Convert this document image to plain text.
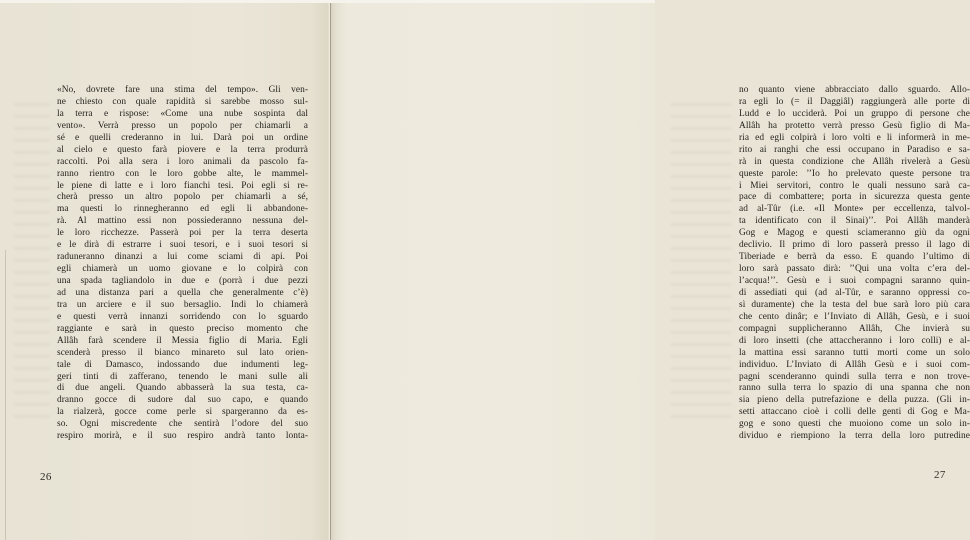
«No, dovrete fare una stima del tempo». Gli ven-
ne chiesto con quale rapidità si sarebbe mosso sul-
la terra e rispose: «Come una nube sospinta dal
vento». Verrà presso un popolo per chiamarli a
sé e quelli crederanno in lui. Darà poi un ordine
al cielo e questo farà piovere e la terra produrrà
raccolti. Poi alla sera i loro animali da pascolo fa-
ranno rientro con le loro gobbe alte, le mammel-
le piene di latte e i loro fianchi tesi. Poi egli si re-
cherà presso un altro popolo per chiamarli a sé,
ma questi lo rinnegheranno ed egli li abbandone-
rà. Al mattino essi non possiederanno nessuna del-
le loro ricchezze. Passerà poi per la terra deserta
e le dirà di estrarre i suoi tesori, e i suoi tesori si
raduneranno dinanzi a lui come sciami di api. Poi
egli chiamerà un uomo giovane e lo colpirà con
una spada tagliandolo in due e (porrà i due pezzi
ad una distanza pari a quella che generalmente c’è)
tra un arciere e il suo bersaglio. Indi lo chiamerà
e questi verrà innanzi sorridendo con lo sguardo
raggiante e sarà in questo preciso momento che
Allâh farà scendere il Messia figlio di Maria. Egli
scenderà presso il bianco minareto sul lato orien-
tale di Damasco, indossando due indumenti leg-
geri tinti di zafferano, tenendo le mani sulle ali
di due angeli. Quando abbasserà la sua testa, ca-
dranno gocce di sudore dal suo capo, e quando
la rialzerà, gocce come perle si spargeranno da es-
so. Ogni miscredente che sentirà l’odore del suo
respiro morirà, e il suo respiro andrà tanto lonta-
26
no quanto viene abbracciato dallo sguardo. Allo-
ra egli lo (= il Daggiâl) raggiungerà alle porte di
Ludd e lo ucciderà. Poi un gruppo di persone che
Allâh ha protetto verrà presso Gesù figlio di Ma-
ria ed egli colpirà i loro volti e li informerà in me-
rito ai ranghi che essi occupano in Paradiso e sa-
rà in questa condizione che Allâh rivelerà a Gesù
queste parole: ’’Io ho prelevato queste persone tra
i Miei servitori, contro le quali nessuno sarà ca-
pace di combattere; porta in sicurezza questa gente
ad al-Tûr (i.e. «Il Monte» per eccellenza, talvol-
ta identificato con il Sinai)’’. Poi Allâh manderà
Gog e Magog e questi sciameranno giù da ogni
declivio. Il primo di loro passerà presso il lago di
Tiberiade e berrà da esso. E quando l’ultimo di
loro sarà passato dirà: ’’Qui una volta c’era del-
l’acqua!’’. Gesù e i suoi compagni saranno quin-
di assediati qui (ad al-Tûr, e saranno oppressi co-
sì duramente) che la testa del bue sarà loro più cara
che cento dinâr; e l’Inviato di Allâh, Gesù, e i suoi
compagni supplicheranno Allâh, Che invierà su
di loro insetti (che attaccheranno i loro colli) e al-
la mattina essi saranno tutti morti come un solo
individuo. L’Inviato di Allâh Gesù e i suoi com-
pagni scenderanno quindi sulla terra e non trove-
ranno sulla terra lo spazio di una spanna che non
sia pieno della putrefazione e della puzza. (Gli in-
setti attaccano cioè i colli delle genti di Gog e Ma-
gog e sono questi che muoiono come un solo in-
dividuo e riempiono la terra della loro putredine
27
